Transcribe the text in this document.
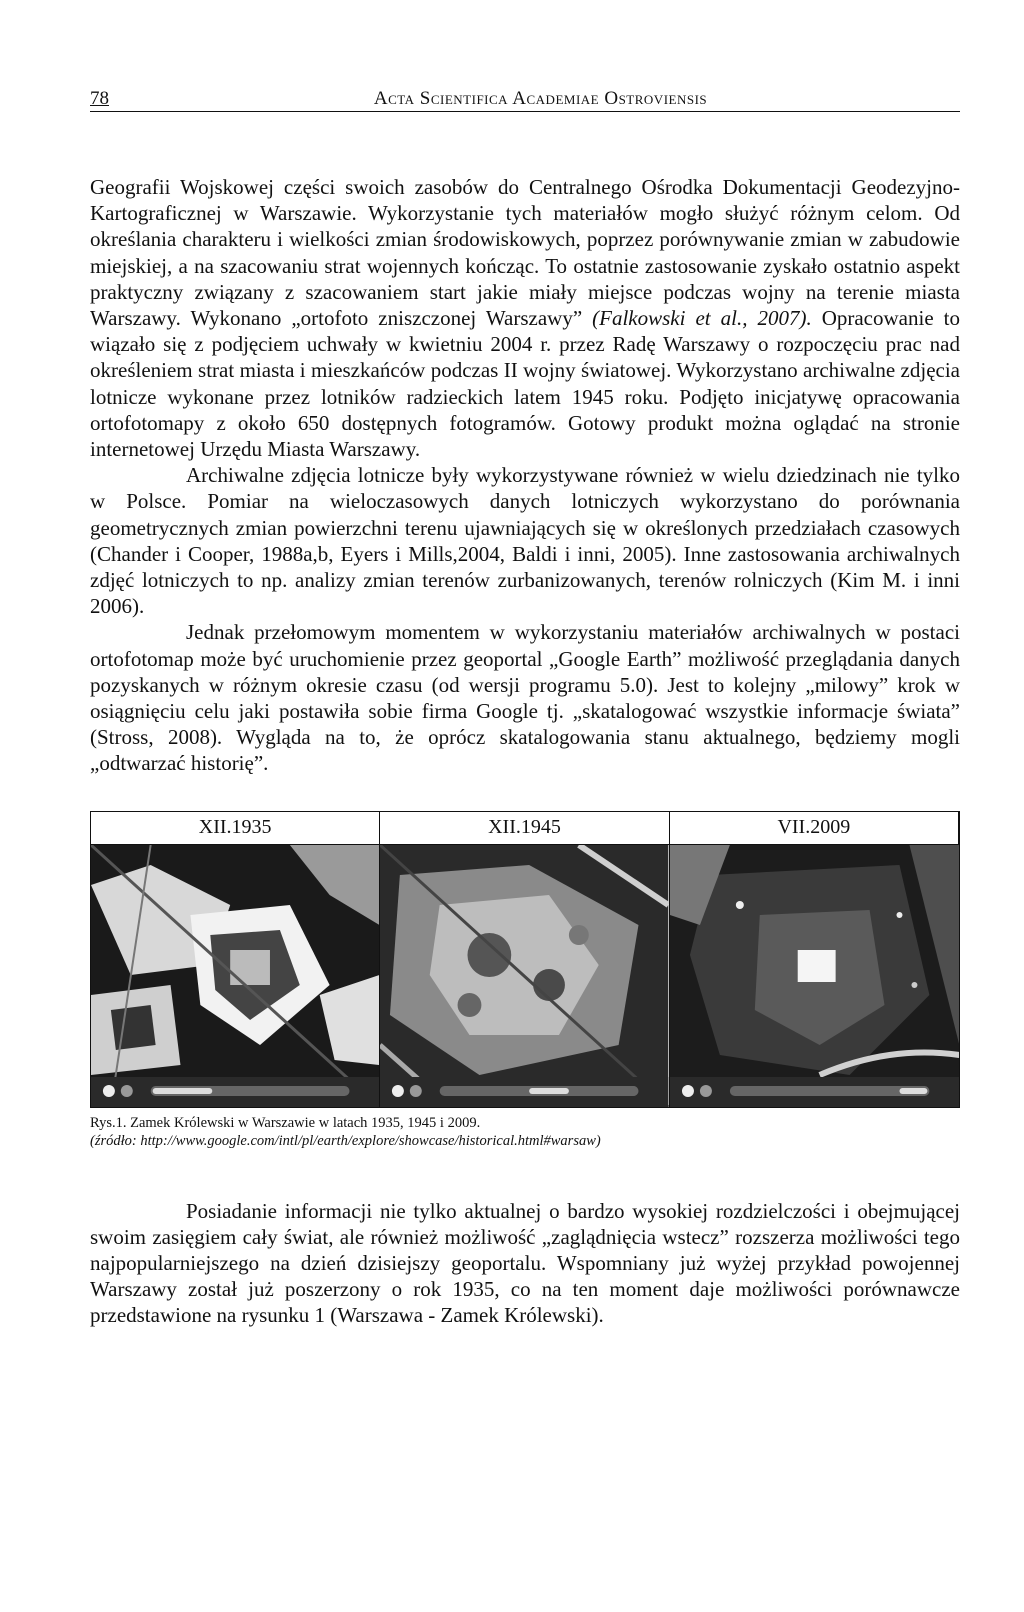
78	Acta Scientifica Academiae Ostroviensis

Geografii Wojskowej części swoich zasobów do Centralnego Ośrodka Dokumentacji Geodezyjno-Kartograficznej w Warszawie. Wykorzystanie tych materiałów mogło służyć różnym celom. Od określania charakteru i wielkości zmian środowiskowych, poprzez porównywanie zmian w zabudowie miejskiej, a na szacowaniu strat wojennych kończąc. To ostatnie zastosowanie zyskało ostatnio aspekt praktyczny związany z szacowaniem start jakie miały miejsce podczas wojny na terenie miasta Warszawy. Wykonano „ortofoto zniszczonej Warszawy” (Falkowski et al., 2007). Opracowanie to wiązało się z podjęciem uchwały w kwietniu 2004 r. przez Radę Warszawy o rozpoczęciu prac nad określeniem strat miasta i mieszkańców podczas II wojny światowej. Wykorzystano archiwalne zdjęcia lotnicze wykonane przez lotników radzieckich latem 1945 roku. Podjęto inicjatywę opracowania ortofotomapy z około 650 dostępnych fotogramów. Gotowy produkt można oglądać na stronie internetowej Urzędu Miasta Warszawy.

Archiwalne zdjęcia lotnicze były wykorzystywane również w wielu dziedzinach nie tylko w Polsce. Pomiar na wieloczasowych danych lotniczych wykorzystano do porównania geometrycznych zmian powierzchni terenu ujawniających się w określonych przedziałach czasowych (Chander i Cooper, 1988a,b, Eyers i Mills,2004, Baldi i inni, 2005). Inne zastosowania archiwalnych zdjęć lotniczych to np. analizy zmian terenów zurbanizowanych, terenów rolniczych (Kim M. i inni 2006).

Jednak przełomowym momentem w wykorzystaniu materiałów archiwalnych w postaci ortofotomap może być uruchomienie przez geoportal „Google Earth” możliwość przeglądania danych pozyskanych w różnym okresie czasu (od wersji programu 5.0). Jest to kolejny „milowy” krok w osiągnięciu celu jaki postawiła sobie firma Google tj. „skatalogować wszystkie informacje świata” (Stross, 2008). Wygląda na to, że oprócz skatalogowania stanu aktualnego, będziemy mogli „odtwarzać historię”.

XII.1935	XII.1945	VII.2009
Rys.1. Zamek Królewski w Warszawie w latach 1935, 1945 i 2009.
(źródło: http://www.google.com/intl/pl/earth/explore/showcase/historical.html#warsaw)

Posiadanie informacji nie tylko aktualnej o bardzo wysokiej rozdzielczości i obejmującej swoim zasięgiem cały świat, ale również możliwość „zaglądnięcia wstecz” rozszerza możliwości tego najpopularniejszego na dzień dzisiejszy geoportalu. Wspomniany już wyżej przykład powojennej Warszawy został już poszerzony o rok 1935, co na ten moment daje możliwości porównawcze przedstawione na rysunku 1 (Warszawa - Zamek Królewski).
